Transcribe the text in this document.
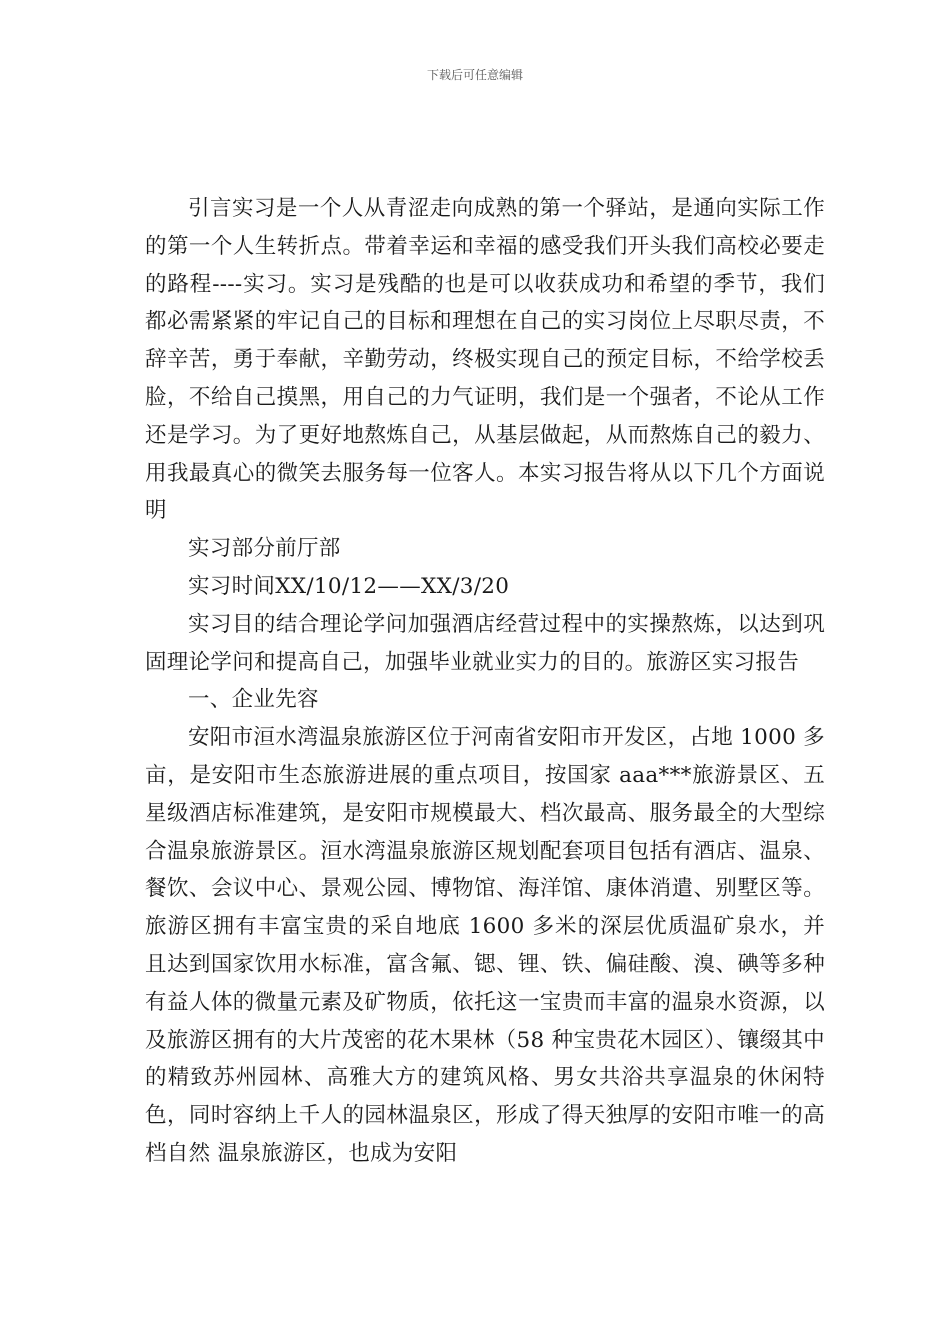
下载后可任意编辑

引言实习是一个人从青涩走向成熟的第一个驿站，是通向实际工作的第一个人生转折点。带着幸运和幸福的感受我们开头我们高校必要走的路程----实习。实习是残酷的也是可以收获成功和希望的季节，我们都必需紧紧的牢记自己的目标和理想在自己的实习岗位上尽职尽责，不辞辛苦，勇于奉献，辛勤劳动，终极实现自己的预定目标，不给学校丢脸，不给自己摸黑，用自己的力气证明，我们是一个强者，不论从工作还是学习。为了更好地熬炼自己，从基层做起，从而熬炼自己的毅力、用我最真心的微笑去服务每一位客人。本实习报告将从以下几个方面说明

实习部分前厅部

实习时间XX/10/12——XX/3/20

实习目的结合理论学问加强酒店经营过程中的实操熬炼，以达到巩固理论学问和提高自己，加强毕业就业实力的目的。旅游区实习报告

一、企业先容

安阳市洹水湾温泉旅游区位于河南省安阳市开发区，占地 1000 多亩，是安阳市生态旅游进展的重点项目，按国家 aaa***旅游景区、五星级酒店标准建筑，是安阳市规模最大、档次最高、服务最全的大型综合温泉旅游景区。洹水湾温泉旅游区规划配套项目包括有酒店、温泉、餐饮、会议中心、景观公园、博物馆、海洋馆、康体消遣、别墅区等。旅游区拥有丰富宝贵的采自地底 1600 多米的深层优质温矿泉水，并且达到国家饮用水标准，富含氟、锶、锂、铁、偏硅酸、溴、碘等多种有益人体的微量元素及矿物质，依托这一宝贵而丰富的温泉水资源，以及旅游区拥有的大片茂密的花木果林（58 种宝贵花木园区）、镶缀其中的精致苏州园林、高雅大方的建筑风格、男女共浴共享温泉的休闲特色，同时容纳上千人的园林温泉区，形成了得天独厚的安阳市唯一的高档自然 温泉旅游区，也成为安阳
